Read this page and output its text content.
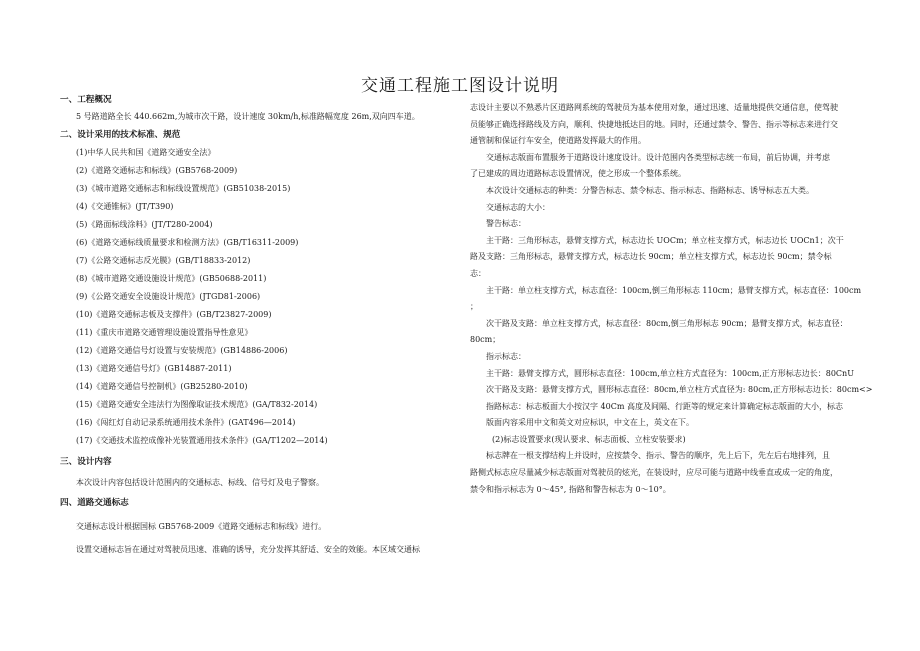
交通工程施工图设计说明

一、工程概况

5 号路道路全长 440.662m,为城市次干路，设计速度 30km/h,标准路幅宽度 26m,双向四车道。

二、设计采用的技术标准、规范

(1)中华人民共和国《道路交通安全法》

(2)《道路交通标志和标线》(GB5768-2009)

(3)《城市道路交通标志和标线设置规范》(GB51038-2015)

(4)《交通锥标》(JT/T390)

(5)《路面标线涂料》(JT/T280-2004)

(6)《道路交通标线质量要求和检测方法》(GB/T16311-2009)

(7)《公路交通标志反光膜》(GB/T18833-2012)

(8)《城市道路交通设施设计规范》(GB50688-2011)

(9)《公路交通安全设施设计规范》(JTGD81-2006)

(10)《道路交通标志板及支撑件》(GB/T23827-2009)

(11)《重庆市道路交通管理设施设置指导性意见》

(12)《道路交通信号灯设置与安装规范》(GB14886-2006)

(13)《道路交通信号灯》(GB14887-2011)

(14)《道路交通信号控制机》(GB25280-2010)

(15)《道路交通安全违法行为图像取证技术规范》(GA/T832-2014)

(16)《闯红灯自动记录系统通用技术条件》(GAT496—2014)

(17)《交通技术监控成像补光装置通用技术条件》(GA/T1202—2014)

三、设计内容

本次设计内容包括设计范围内的交通标志、标线、信号灯及电子警察。

四、道路交通标志

交通标志设计根据国标 GB5768-2009《道路交通标志和标线》进行。

设置交通标志旨在通过对驾驶员迅速、准确的诱导，充分发挥其舒适、安全的效能。本区域交通标

志设计主要以不熟悉片区道路网系统的驾驶员为基本使用对象，通过迅速、适量地提供交通信息，使驾驶

员能够正确选择路线及方向，顺利、快捷地抵达目的地。同时，还通过禁令、警告、指示等标志来进行交

通管制和保证行车安全，使道路发挥最大的作用。

交通标志版面布置服务于道路设计速度设计。设计范围内各类型标志统一布局，前后协调，并考虑

了已建成的周边道路标志设置情况，使之形成一个整体系统。

本次设计交通标志的种类：分警告标志、禁令标志、指示标志、指路标志、诱导标志五大类。

交通标志的大小：

警告标志：

主干路：三角形标志，悬臂支撑方式，标志边长 UOCm；单立柱支撑方式，标志边长 UOCn1；次干

路及支路：三角形标志，悬臂支撑方式，标志边长 90cm；单立柱支撑方式，标志边长 90cm；禁令标

志：

主干路：单立柱支撑方式，标志直径：100cm,倒三角形标志 110cm；悬臂支撑方式，标志直径：100cm

；

次干路及支路：单立柱支撑方式，标志直径：80cm,倒三角形标志 90cm；悬臂支撑方式，标志直径：

80cm；

指示标志：

主干路：悬臂支撑方式，圆形标志直径：100cm,单立柱方式直径为：100cm,正方形标志边长：80CnU

次干路及支路：悬臂支撑方式，圆形标志直径：80cm,单立柱方式直径为: 80cm,正方形标志边长：80cm<>

指路标志：标志板面大小按汉字 40Cm 高度及间隔、行距等的规定来计算确定标志版面的大小，标志

版面内容采用中文和英文对应标识，中文在上，英文在下。

(2)标志设置要求(现认要求、标志面板、立柱安装要求)

标志牌在一根支撑结构上并设时，应按禁令、指示、警告的顺序，先上后下，先左后右地排列，且

路侧式标志应尽量减少标志版面对驾驶员的炫光，在装设时，应尽可能与道路中线垂直或成一定的角度，

禁令和指示标志为 0～45°, 指路和警告标志为 0～10°。
